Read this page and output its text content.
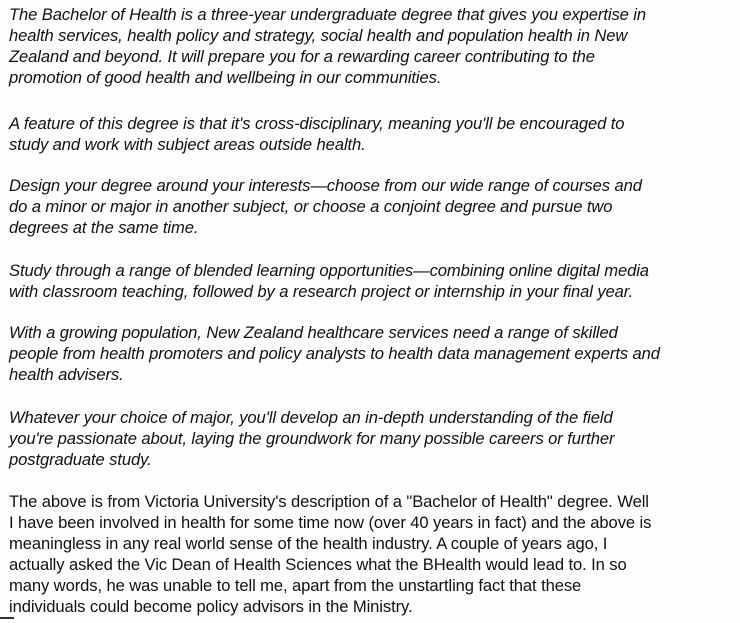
The Bachelor of Health is a three-year undergraduate degree that gives you expertise in
health services, health policy and strategy, social health and population health in New
Zealand and beyond. It will prepare you for a rewarding career contributing to the
promotion of good health and wellbeing in our communities.

A feature of this degree is that it's cross-disciplinary, meaning you'll be encouraged to
study and work with subject areas outside health.

Design your degree around your interests—choose from our wide range of courses and
do a minor or major in another subject, or choose a conjoint degree and pursue two
degrees at the same time.

Study through a range of blended learning opportunities—combining online digital media
with classroom teaching, followed by a research project or internship in your final year.

With a growing population, New Zealand healthcare services need a range of skilled
people from health promoters and policy analysts to health data management experts and
health advisers.

Whatever your choice of major, you'll develop an in-depth understanding of the field
you're passionate about, laying the groundwork for many possible careers or further
postgraduate study.

The above is from Victoria University's description of a "Bachelor of Health" degree. Well
I have been involved in health for some time now (over 40 years in fact) and the above is
meaningless in any real world sense of the health industry. A couple of years ago, I
actually asked the Vic Dean of Health Sciences what the BHealth would lead to. In so
many words, he was unable to tell me, apart from the unstartling fact that these
individuals could become policy advisors in the Ministry.
